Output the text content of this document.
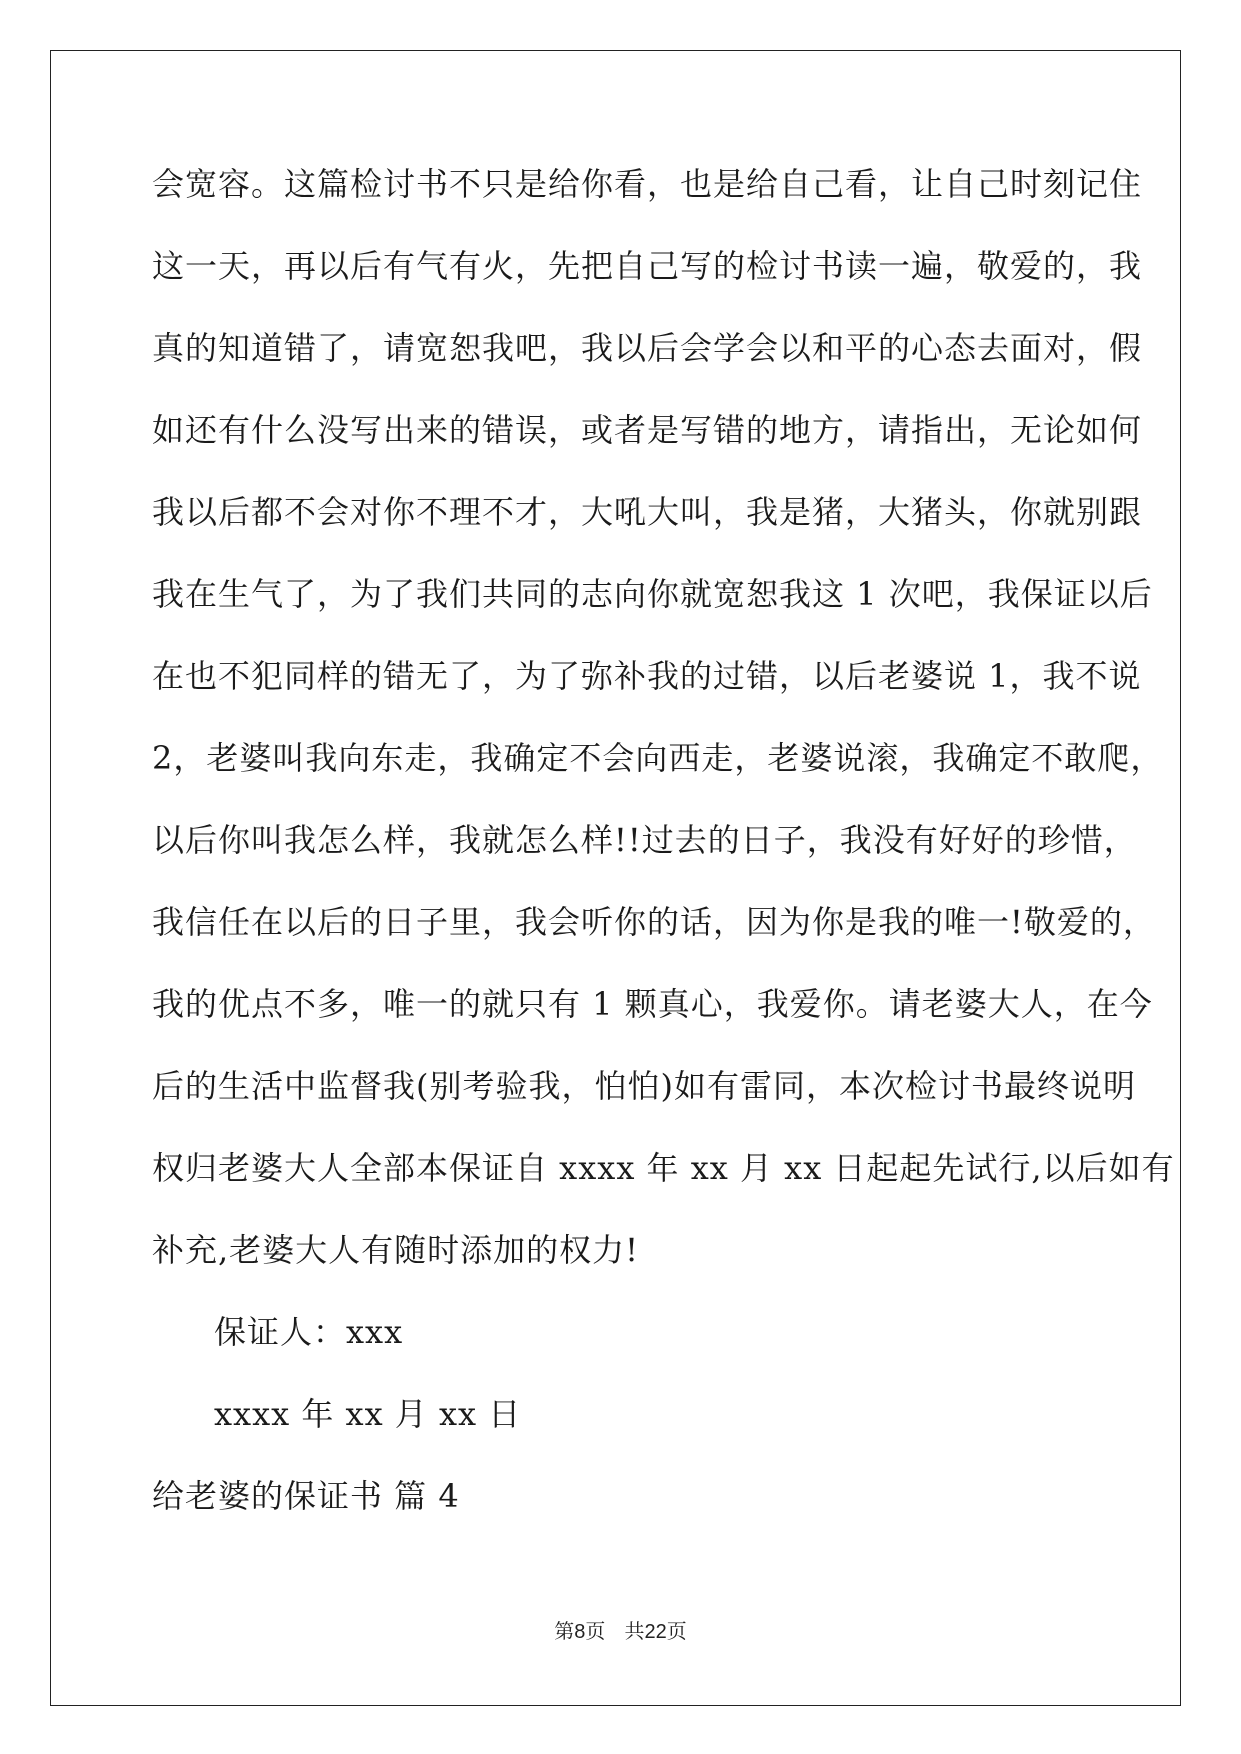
会宽容。这篇检讨书不只是给你看，也是给自己看，让自己时刻记住
这一天，再以后有气有火，先把自己写的检讨书读一遍，敬爱的，我
真的知道错了，请宽恕我吧，我以后会学会以和平的心态去面对，假
如还有什么没写出来的错误，或者是写错的地方，请指出，无论如何
我以后都不会对你不理不才，大吼大叫，我是猪，大猪头，你就别跟
我在生气了，为了我们共同的志向你就宽恕我这 1 次吧，我保证以后
在也不犯同样的错无了，为了弥补我的过错，以后老婆说 1，我不说
2，老婆叫我向东走，我确定不会向西走，老婆说滚，我确定不敢爬，
以后你叫我怎么样，我就怎么样!!过去的日子，我没有好好的珍惜，
我信任在以后的日子里，我会听你的话，因为你是我的唯一!敬爱的，
我的优点不多，唯一的就只有 1 颗真心，我爱你。请老婆大人，在今
后的生活中监督我(别考验我，怕怕)如有雷同，本次检讨书最终说明
权归老婆大人全部本保证自 xxxx 年 xx 月 xx 日起起先试行,以后如有
补充,老婆大人有随时添加的权力!
保证人：xxx
xxxx 年 xx 月 xx 日
给老婆的保证书 篇 4
第8页 共22页
